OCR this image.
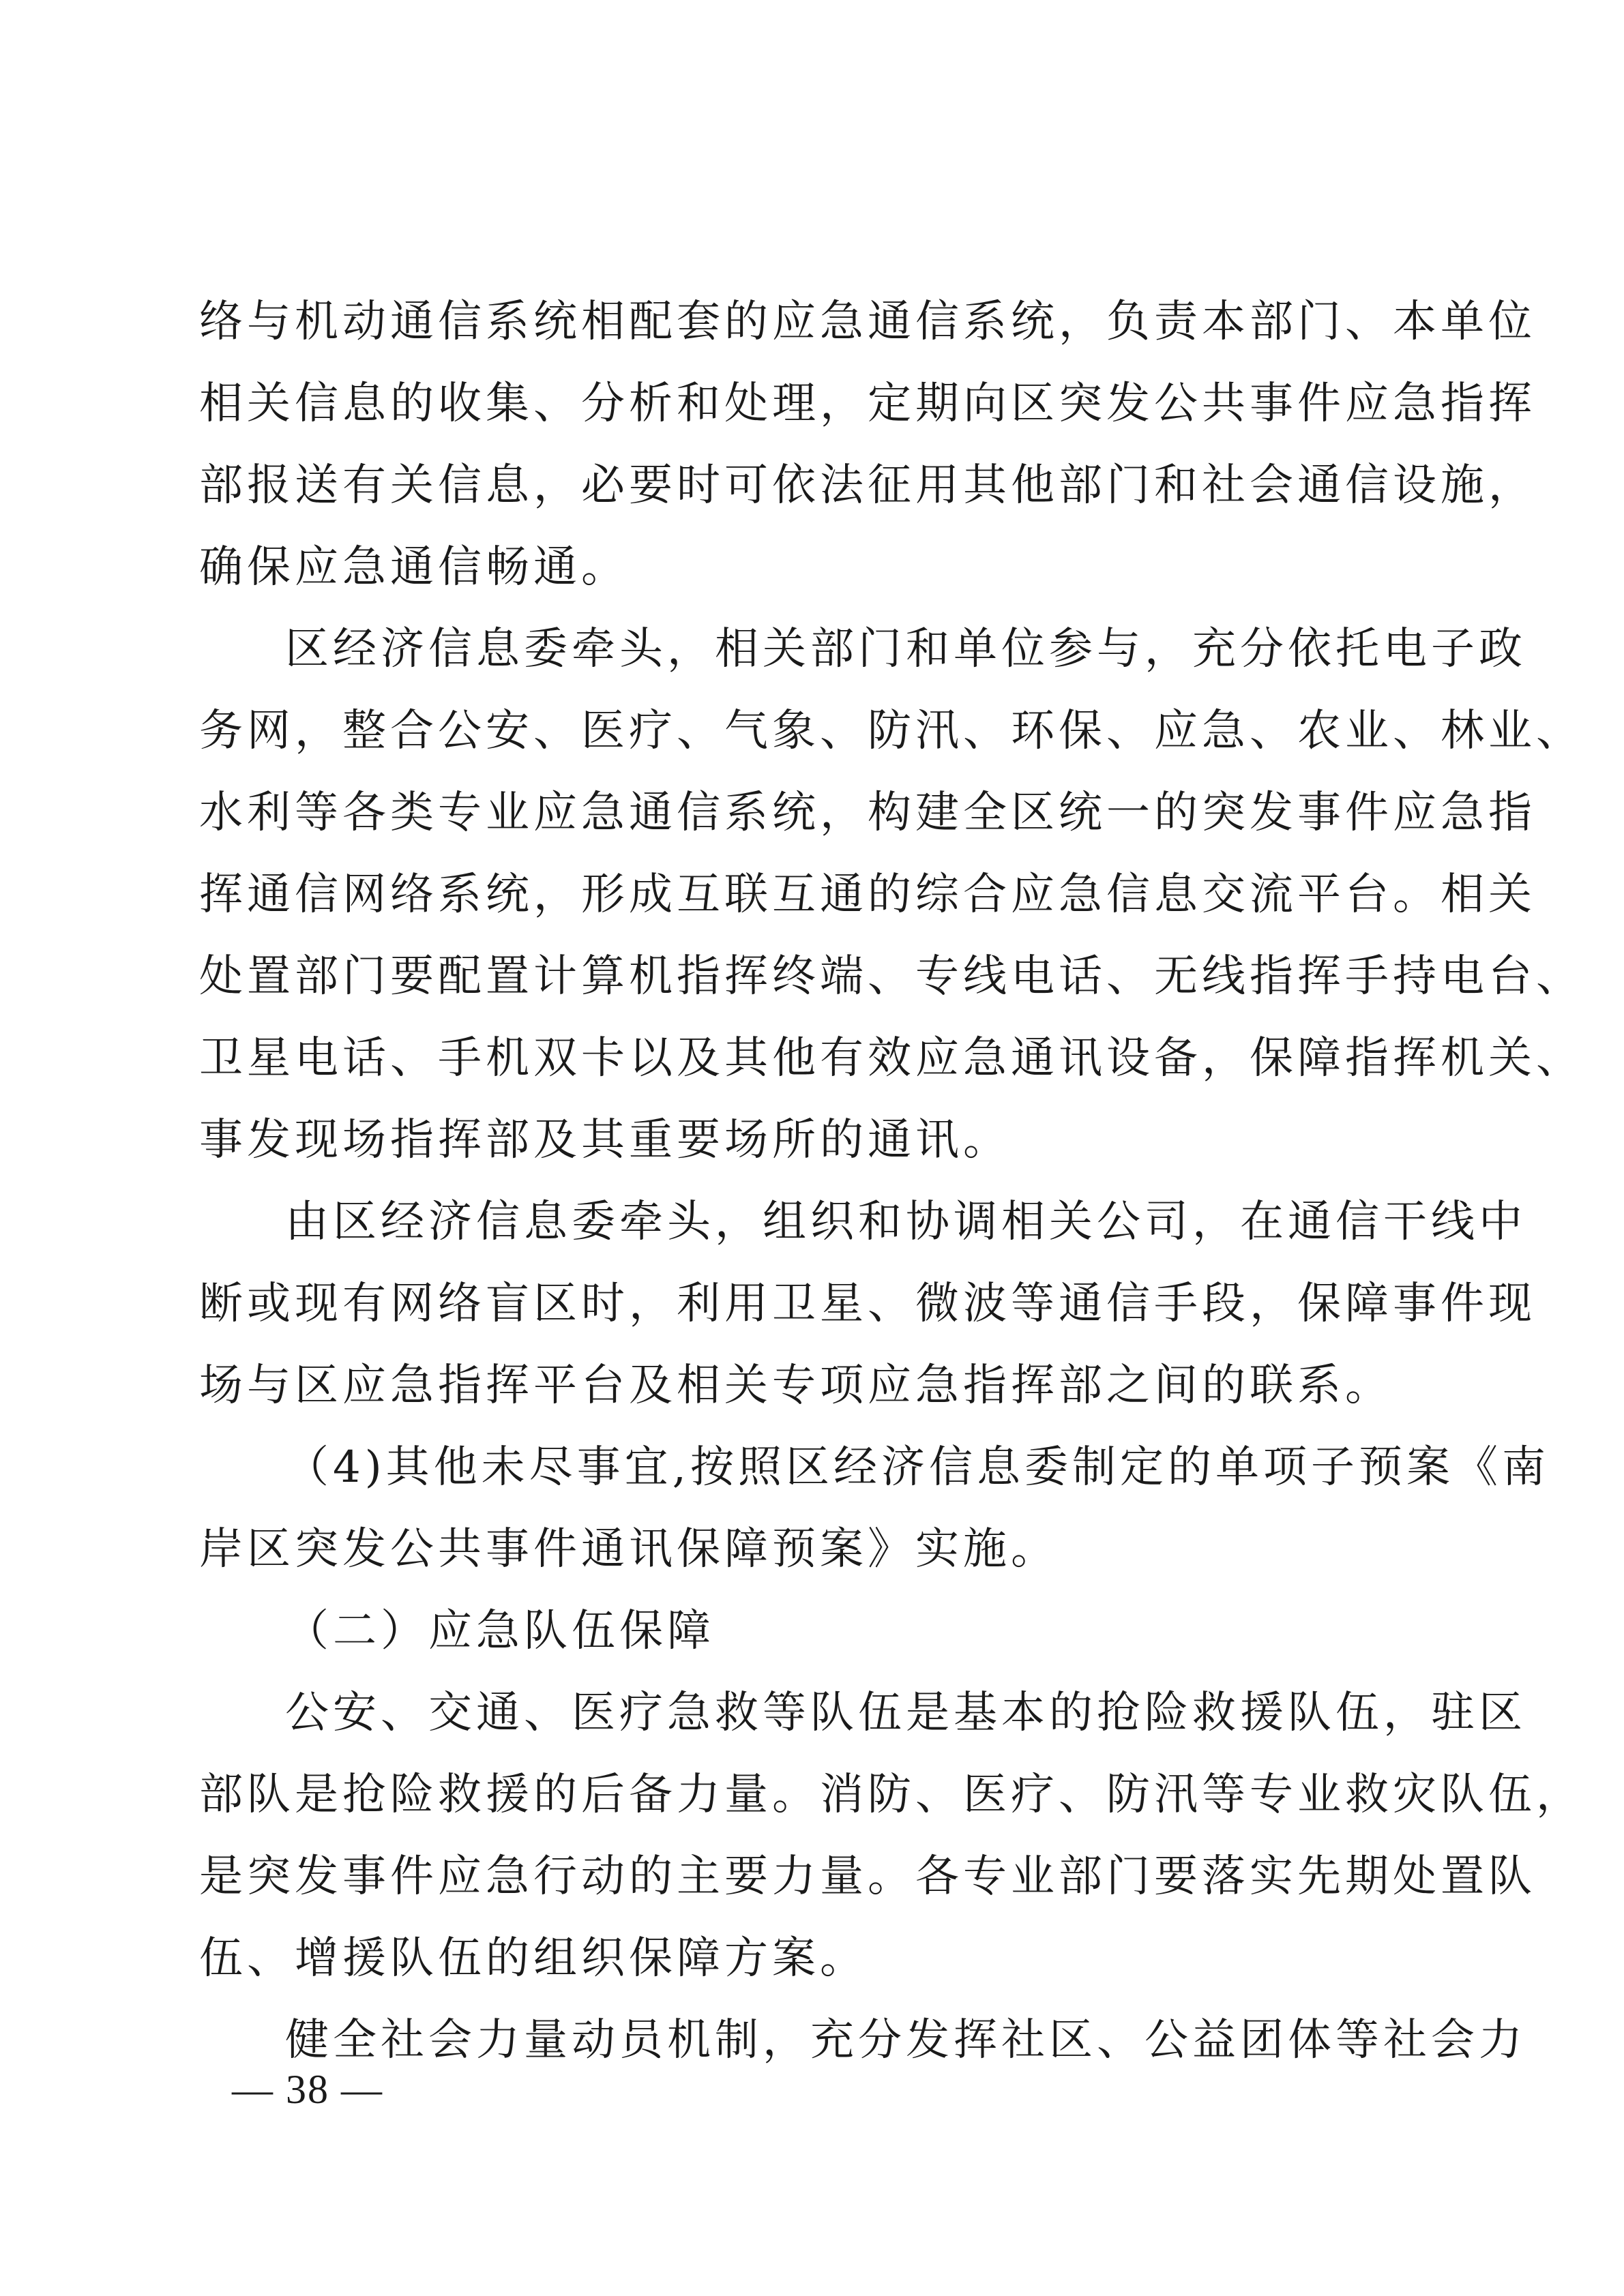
络与机动通信系统相配套的应急通信系统，负责本部门、本单位
相关信息的收集、分析和处理，定期向区突发公共事件应急指挥
部报送有关信息，必要时可依法征用其他部门和社会通信设施，
确保应急通信畅通。
区经济信息委牵头，相关部门和单位参与，充分依托电子政
务网，整合公安、医疗、气象、防汛、环保、应急、农业、林业、
水利等各类专业应急通信系统，构建全区统一的突发事件应急指
挥通信网络系统，形成互联互通的综合应急信息交流平台。相关
处置部门要配置计算机指挥终端、专线电话、无线指挥手持电台、
卫星电话、手机双卡以及其他有效应急通讯设备，保障指挥机关、
事发现场指挥部及其重要场所的通讯。
由区经济信息委牵头，组织和协调相关公司，在通信干线中
断或现有网络盲区时，利用卫星、微波等通信手段，保障事件现
场与区应急指挥平台及相关专项应急指挥部之间的联系。
（4)其他未尽事宜,按照区经济信息委制定的单项子预案《南
岸区突发公共事件通讯保障预案》实施。
（二）应急队伍保障
公安、交通、医疗急救等队伍是基本的抢险救援队伍，驻区
部队是抢险救援的后备力量。消防、医疗、防汛等专业救灾队伍，
是突发事件应急行动的主要力量。各专业部门要落实先期处置队
伍、增援队伍的组织保障方案。
健全社会力量动员机制，充分发挥社区、公益团体等社会力
— 38 —
